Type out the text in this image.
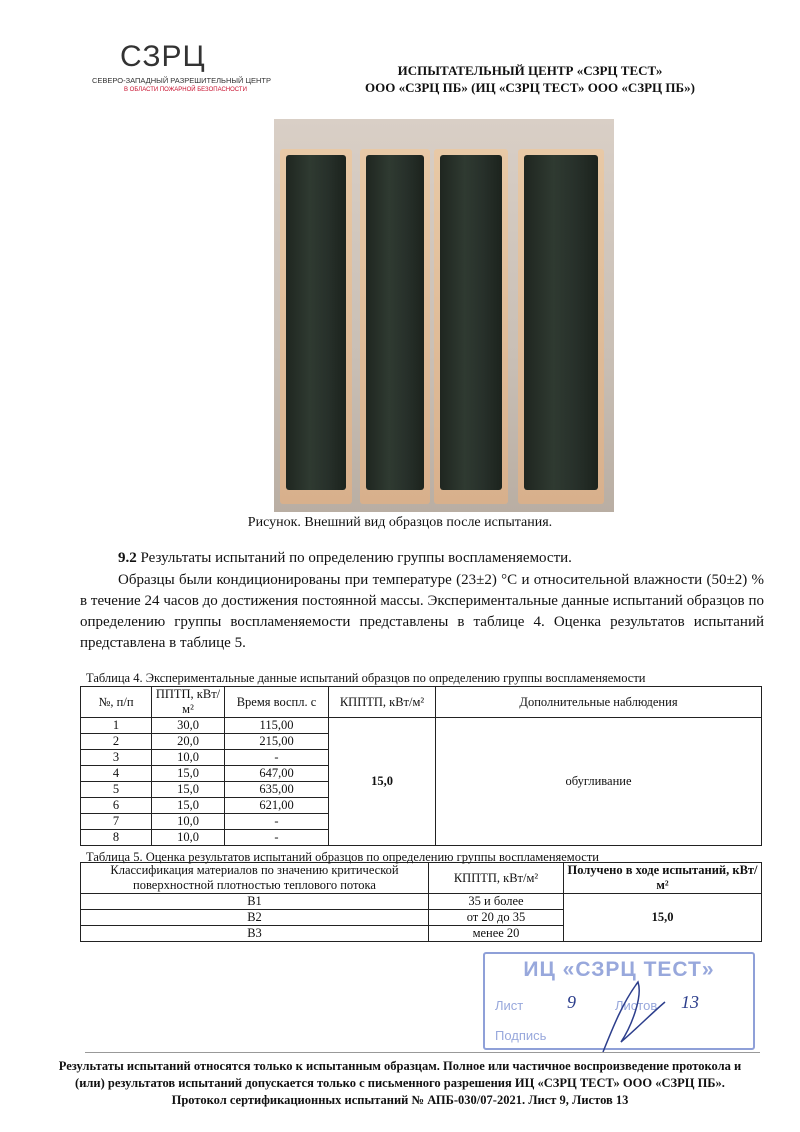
СЗРЦ
СЕВЕРО-ЗАПАДНЫЙ РАЗРЕШИТЕЛЬНЫЙ ЦЕНТР
В ОБЛАСТИ ПОЖАРНОЙ БЕЗОПАСНОСТИ
ИСПЫТАТЕЛЬНЫЙ ЦЕНТР «СЗРЦ ТЕСТ»
ООО «СЗРЦ ПБ» (ИЦ «СЗРЦ ТЕСТ» ООО «СЗРЦ ПБ»)
Рисунок. Внешний вид образцов после испытания.
9.2 Результаты испытаний по определению группы воспламеняемости.
Образцы были кондиционированы при температуре (23±2) °С и относительной влажности (50±2) % в течение 24 часов до достижения постоянной массы. Экспериментальные данные испытаний образцов по определению группы воспламеняемости представлены в таблице 4. Оценка результатов испытаний представлена в таблице 5.
Таблица 4. Экспериментальные данные испытаний образцов по определению группы воспламеняемости
№, п/п	ППТП, кВт/м²	Время воспл. с	КППТП, кВт/м²	Дополнительные наблюдения
1	30,0	115,00	15,0	обугливание
2	20,0	215,00		
3	10,0	-		
4	15,0	647,00		
5	15,0	635,00		
6	15,0	621,00		
7	10,0	-		
8	10,0	-		
Таблица 5. Оценка результатов испытаний образцов по определению группы воспламеняемости
Классификация материалов по значению критической поверхностной плотностью теплового потока	КППТП, кВт/м²	Получено в ходе испытаний, кВт/м²
В1	35 и более	15,0
В2	от 20 до 35	
В3	менее 20	
ИЦ «СЗРЦ ТЕСТ»
Лист 9	Листов 13
Подпись
Результаты испытаний относятся только к испытанным образцам. Полное или частичное воспроизведение протокола и
(или) результатов испытаний допускается только с письменного разрешения ИЦ «СЗРЦ ТЕСТ» ООО «СЗРЦ ПБ».
Протокол сертификационных испытаний № АПБ-030/07-2021. Лист 9, Листов 13
